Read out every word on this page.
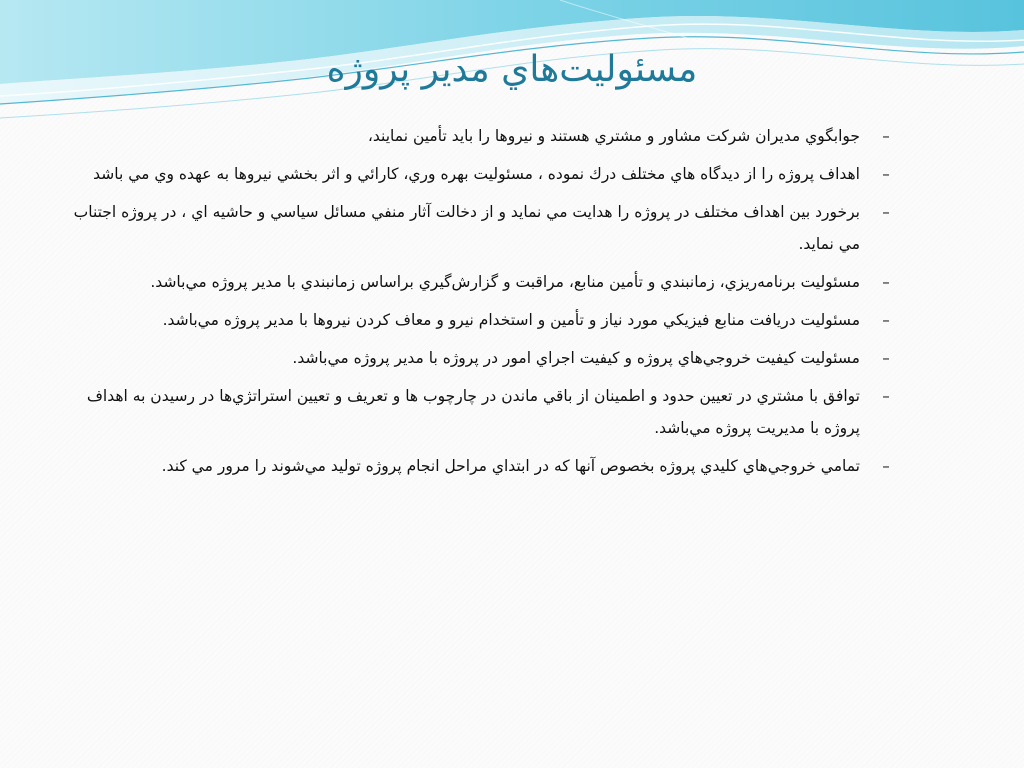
مسئوليت‌هاي مدير پروژه
–
جوابگوي مديران شركت مشاور و مشتري هستند و نيروها را بايد تأمين نمايند،
–
اهداف پروژه را از ديدگاه هاي مختلف درك نموده ، مسئوليت بهره وري، كارائي و اثر بخشي نيروها به عهده وي مي باشد
–
برخورد بين اهداف مختلف در پروژه را هدايت مي نمايد و از دخالت آثار منفي مسائل سياسي و حاشيه اي ، در پروژه اجتناب مي نمايد.
–
مسئوليت برنامه‌ريزي، زمانبندي و تأمين منابع، مراقبت و گزارش‌گيري براساس زمانبندي با مدير پروژه مي‌باشد.
–
مسئوليت دريافت منابع فيزيكي مورد نياز و تأمين و استخدام نيرو و معاف كردن نيروها با مدير پروژه مي‌باشد.
–
مسئوليت كيفيت خروجي‌هاي پروژه و كيفيت اجراي امور در پروژه با مدير پروژه مي‌باشد.
–
توافق با مشتري در تعيين حدود و اطمينان از باقي ماندن در چارچوب ها و تعريف و تعيين استراتژي‌ها در رسيدن به اهداف پروژه با مديريت پروژه مي‌باشد.
–
تمامي خروجي‌هاي كليدي پروژه بخصوص آنها كه در ابتداي مراحل انجام پروژه توليد مي‌شوند را مرور مي كند.
